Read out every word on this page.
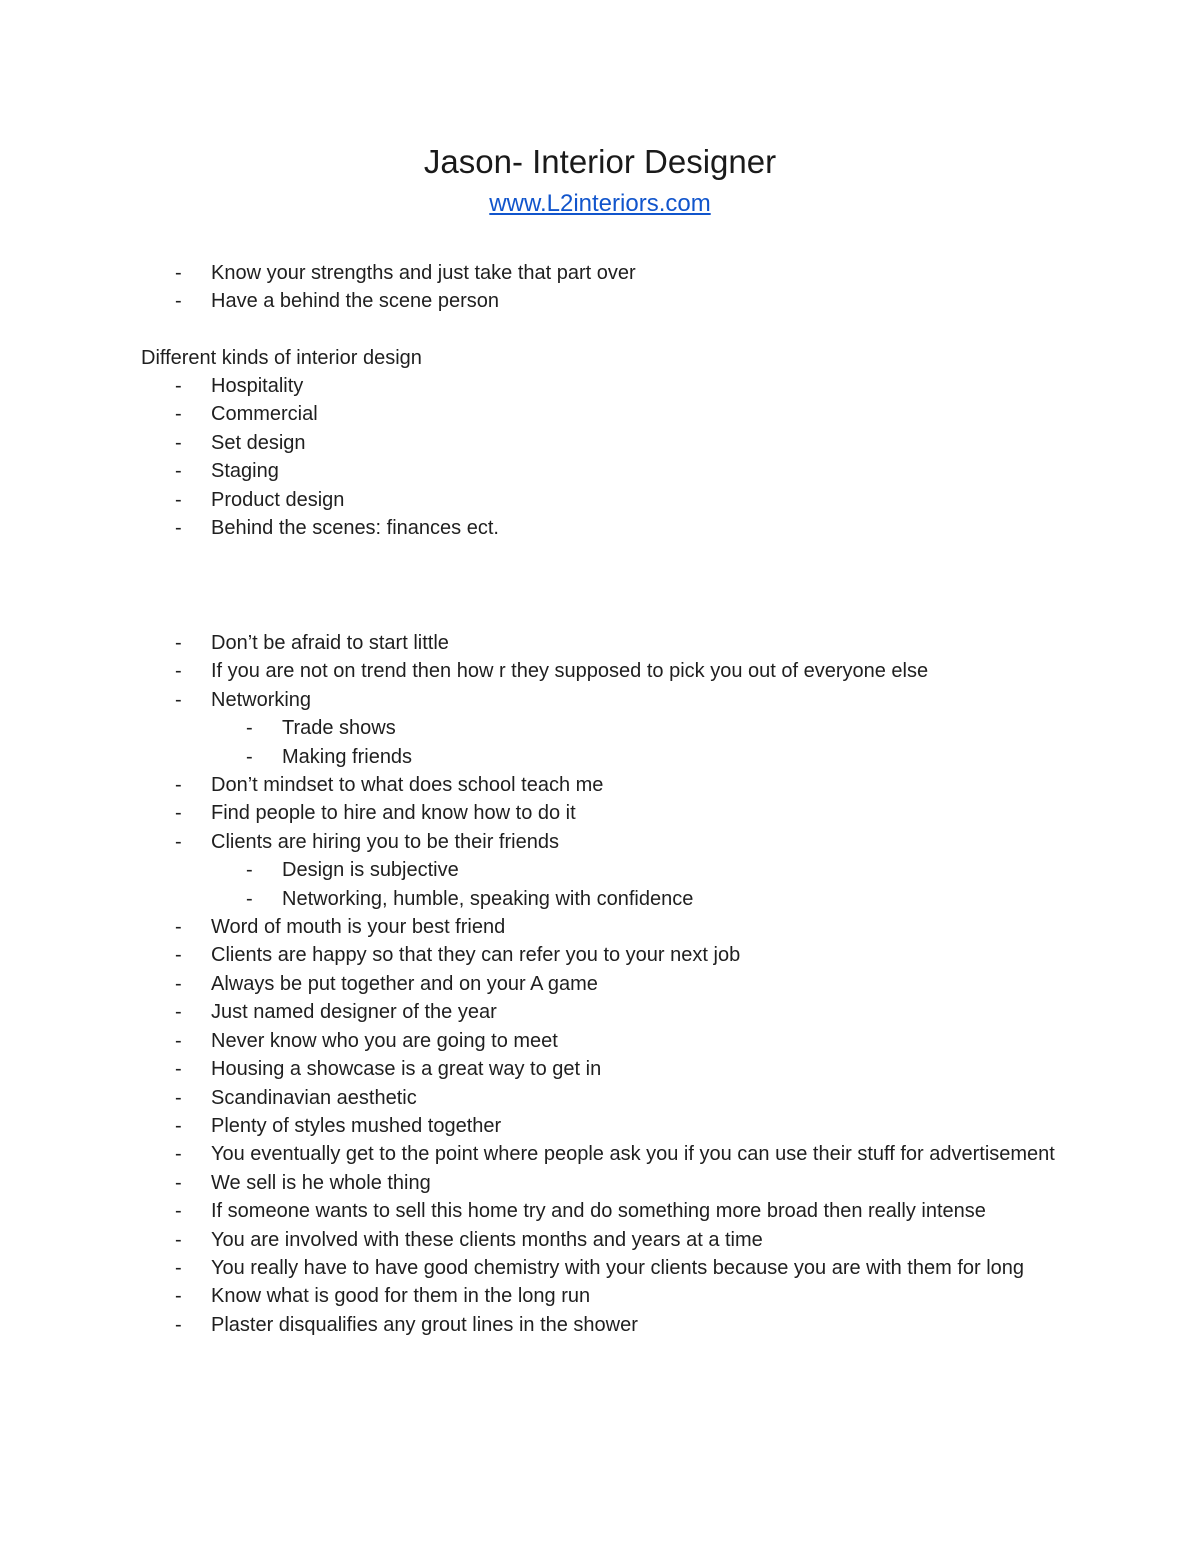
Jason- Interior Designer
www.L2interiors.com
-	Know your strengths and just take that part over
-	Have a behind the scene person
Different kinds of interior design
-	Hospitality
-	Commercial
-	Set design
-	Staging
-	Product design
-	Behind the scenes: finances ect.
-	Don’t be afraid to start little
-	If you are not on trend then how r they supposed to pick you out of everyone else
-	Networking
-	Trade shows
-	Making friends
-	Don’t mindset to what does school teach me
-	Find people to hire and know how to do it
-	Clients are hiring you to be their friends
-	Design is subjective
-	Networking, humble, speaking with confidence
-	Word of mouth is your best friend
-	Clients are happy so that they can refer you to your next job
-	Always be put together and on your A game
-	Just named designer of the year
-	Never know who you are going to meet
-	Housing a showcase is a great way to get in
-	Scandinavian aesthetic
-	Plenty of styles mushed together
-	You eventually get to the point where people ask you if you can use their stuff for advertisement
-	We sell is he whole thing
-	If someone wants to sell this home try and do something more broad then really intense
-	You are involved with these clients months and years at a time
-	You really have to have good chemistry with your clients because you are with them for long
-	Know what is good for them in the long run
-	Plaster disqualifies any grout lines in the shower
